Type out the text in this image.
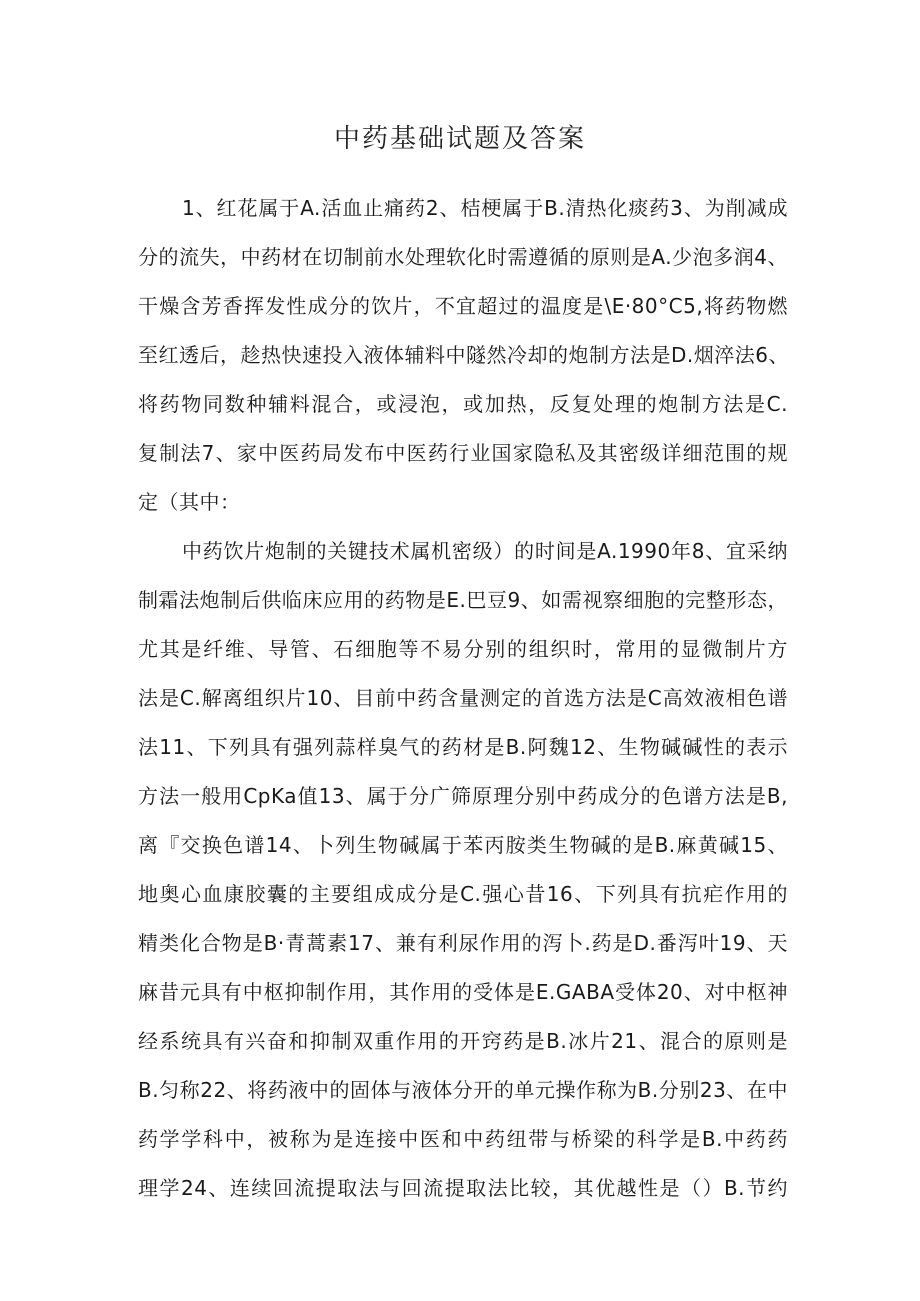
中药基础试题及答案
1、红花属于A.活血止痛药2、桔梗属于B.清热化痰药3、为削减成
分的流失，中药材在切制前水处理软化时需遵循的原则是A.少泡多润4、
干燥含芳香挥发性成分的饮片，不宜超过的温度是\E·80°C5,将药物燃
至红透后，趁热快速投入液体辅料中隧然冷却的炮制方法是D.烟淬法6、
将药物同数种辅料混合，或浸泡，或加热，反复处理的炮制方法是C.
复制法7、家中医药局发布中医药行业国家隐私及其密级详细范围的规
定（其中：
中药饮片炮制的关键技术属机密级）的时间是A.1990年8、宜采纳
制霜法炮制后供临床应用的药物是E.巴豆9、如需视察细胞的完整形态，
尤其是纤维、导管、石细胞等不易分别的组织时，常用的显微制片方
法是C.解离组织片10、目前中药含量测定的首选方法是C高效液相色谱
法11、下列具有强列蒜样臭气的药材是B.阿魏12、生物碱碱性的表示
方法一般用CpKa值13、属于分广筛原理分别中药成分的色谱方法是B,
离『交换色谱14、卜列生物碱属于苯丙胺类生物碱的是B.麻黄碱15、
地奥心血康胶囊的主要组成成分是C.强心昔16、下列具有抗疟作用的
精类化合物是B·青蒿素17、兼有利尿作用的泻卜.药是D.番泻叶19、天
麻昔元具有中枢抑制作用，其作用的受体是E.GABA受体20、对中枢神
经系统具有兴奋和抑制双重作用的开窍药是B.冰片21、混合的原则是
B.匀称22、将药液中的固体与液体分开的单元操作称为B.分别23、在中
药学学科中，被称为是连接中医和中药纽带与桥梁的科学是B.中药药
理学24、连续回流提取法与回流提取法比较，其优越性是（）B.节约
